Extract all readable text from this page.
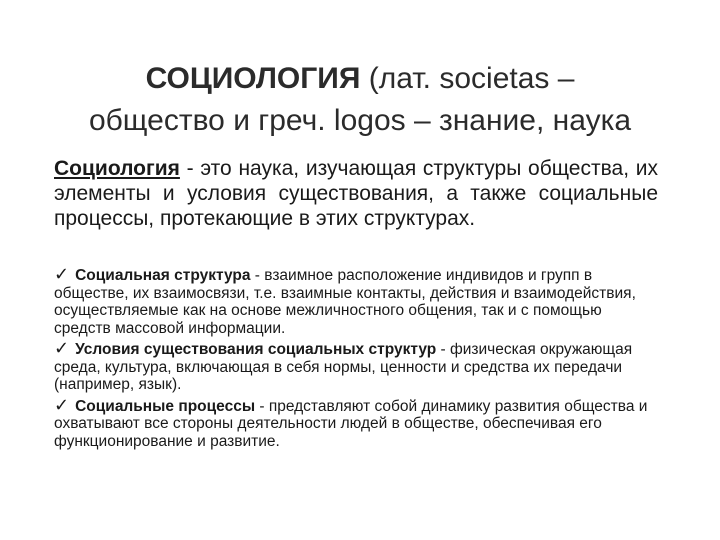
СОЦИОЛОГИЯ (лат. societas –
общество и греч. logos – знание, наука
Социология - это наука, изучающая структуры общества, их элементы и условия существования, а также социальные процессы, протекающие в этих структурах.
✓ Социальная структура - взаимное расположение индивидов и групп в обществе, их взаимосвязи, т.е. взаимные контакты, действия и взаимодействия, осуществляемые как на основе межличностного общения, так и с помощью средств массовой информации.
✓ Условия существования социальных структур - физическая окружающая среда, культура, включающая в себя нормы, ценности и средства их передачи (например, язык).
✓ Социальные процессы - представляют собой динамику развития общества и охватывают все стороны деятельности людей в обществе, обеспечивая его функционирование и развитие.
